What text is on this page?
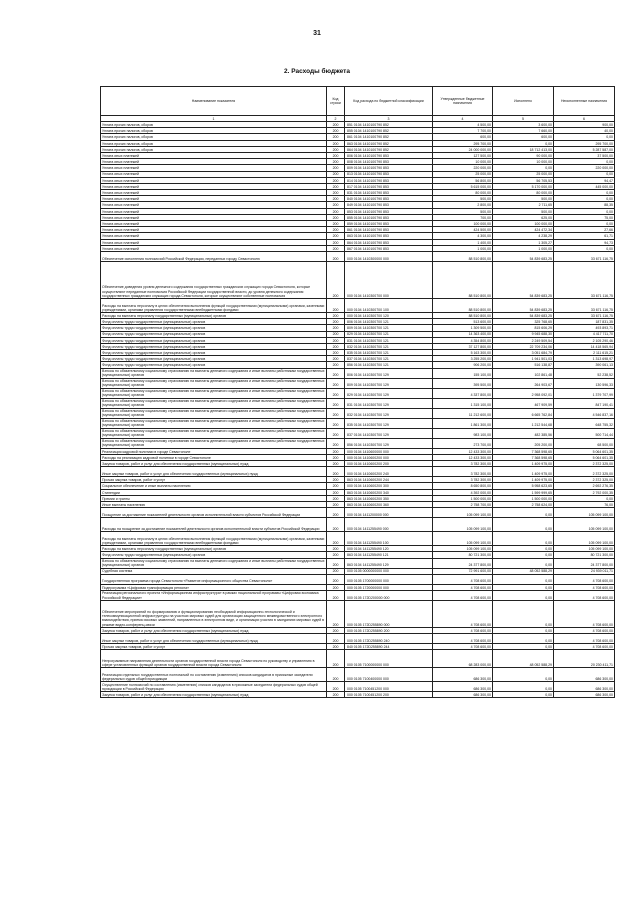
31
2. Расходы бюджета
Наименование показателя	Код строки	Код расхода по бюджетной классификации	Утвержденные бюджетные назначения	Исполнено	Неисполненные назначения
1	2	3	4	5	6
Уплата прочих налогов, сборов	200	851 0104 1410100790 852	4 500,00	3 600,00	900,00
Уплата прочих налогов, сборов	200	855 0104 1410100790 852	7 700,00	7 660,00	40,00
Уплата прочих налогов, сборов	200	861 0104 1410100790 852	600,00	600,00	0,00
Уплата прочих налогов, сборов	200	863 0104 1410100790 852	295 700,00	0,00	295 700,00
Уплата прочих налогов, сборов	200	864 0104 1410100790 852	24 000 000,00	18 712 413,00	5 287 587,00
Уплата иных платежей	200	806 0104 1410100790 853	127 500,00	90 000,00	37 500,00
Уплата иных платежей	200	808 0104 1410100790 853	10 000,00	10 000,00	0,00
Уплата иных платежей	200	809 0104 1410100790 853	220 000,00	0,00	220 000,00
Уплата иных платежей	200	813 0104 1410100790 853	25 000,00	25 000,00	0,00
Уплата иных платежей	200	814 0104 1410100790 853	56 800,00	56 705,53	94,47
Уплата иных платежей	200	817 0104 1410100790 853	5 615 000,00	5 170 000,00	445 000,00
Уплата иных платежей	200	831 0104 1410100790 853	80 000,00	80 000,00	0,00
Уплата иных платежей	200	840 0104 1410100790 853	500,00	500,00	0,00
Уплата иных платежей	200	849 0104 1410100790 853	2 800,00	2 711,65	88,35
Уплата иных платежей	200	853 0104 1410100790 853	500,00	500,00	0,00
Уплата иных платежей	200	855 0104 1410100790 853	700,00	625,00	75,00
Уплата иных платежей	200	859 0104 1410100790 853	100 000,00	100 000,00	0,00
Уплата иных платежей	200	861 0104 1410100790 853	424 500,00	424 472,34	27,66
Уплата иных платежей	200	863 0104 1410100790 853	4 300,00	4 238,29	61,71
Уплата иных платежей	200	864 0104 1410100790 853	1 400,00	1 305,27	94,73
Уплата иных платежей	200	867 0104 1410100790 853	1 000,00	1 000,00	0,00
Обеспечение исполнения полномочий Российской Федерации, переданных городу Севастополю	200	000 0104 1410300000 000	88 510 800,00	54 839 683,25	33 671 116,75
Обеспечение доведения уровня денежного содержания государственных гражданских служащих города Севастополя, которые осуществляют переданные полномочия Российской Федерации государственной власти, до уровня денежного содержания государственных гражданских служащих города Севастополя, которые осуществляют собственные полномочия	200	000 0104 1410300700 000	88 510 800,00	54 839 683,25	33 671 116,75
Расходы на выплаты персоналу в целях обеспечения выполнения функций государственными (муниципальными) органами, казенными учреждениями, органами управления государственными внебюджетными фондами	200	000 0104 1410300700 100	88 510 800,00	54 839 683,25	33 671 116,75
Расходы на выплаты персоналу государственных (муниципальных) органов	200	000 0104 1410300700 120	88 510 800,00	54 839 683,25	33 671 116,75
Фонд оплаты труда государственных (муниципальных) органов	200	806 0104 1410300700 121	513 600,00	325 768,65	187 831,35
Фонд оплаты труда государственных (муниципальных) органов	200	809 0104 1410300700 121	1 309 500,00	815 606,29	493 893,71
Фонд оплаты труда государственных (муниципальных) органов	200	829 0104 1410300700 121	14 363 400,00	9 945 688,30	4 417 711,70
Фонд оплаты труда государственных (муниципальных) органов	200	831 0104 1410300700 121	4 354 800,00	2 249 509,54	2 105 290,46
Фонд оплаты труда государственных (муниципальных) органов	200	832 0104 1410300700 121	37 127 800,00	22 709 234,06	14 418 565,94
Фонд оплаты труда государственных (муниципальных) органов	200	835 0104 1410300700 121	5 163 300,00	3 051 684,79	2 111 615,21
Фонд оплаты труда государственных (муниципальных) органов	200	837 0104 1410300700 121	3 255 200,00	1 941 501,03	1 313 698,97
Фонд оплаты труда государственных (муниципальных) органов	200	856 0104 1410300700 121	906 200,00	516 138,87	390 061,13
Взносы по обязательному социальному страхованию на выплаты денежного содержания и иные выплаты работникам государственных (муниципальных) органов	200	806 0104 1410300700 129	155 100,00	102 861,48	52 238,52
Взносы по обязательному социальному страхованию на выплаты денежного содержания и иные выплаты работникам государственных (муниципальных) органов	200	809 0104 1410300700 129	395 500,00	264 903,67	130 596,33
Взносы по обязательному социальному страхованию на выплаты денежного содержания и иные выплаты работникам государственных (муниципальных) органов	200	829 0104 1410300700 129	4 337 800,00	2 958 092,01	1 379 707,99
Взносы по обязательному социальному страхованию на выплаты денежного содержания и иные выплаты работникам государственных (муниципальных) органов	200	831 0104 1410300700 129	1 315 100,00	467 909,59	847 190,41
Взносы по обязательному социальному страхованию на выплаты денежного содержания и иные выплаты работникам государственных (муниципальных) органов	200	832 0104 1410300700 129	11 212 600,00	6 665 762,84	4 546 837,16
Взносы по обязательному социальному страхованию на выплаты денежного содержания и иные выплаты работникам государственных (муниципальных) органов	200	835 0104 1410300700 129	1 861 300,00	1 212 544,68	648 755,32
Взносы по обязательному социальному страхованию на выплаты денежного содержания и иные выплаты работникам государственных (муниципальных) органов	200	837 0104 1410300700 129	983 100,00	482 385,56	500 714,44
Взносы по обязательному социальному страхованию на выплаты денежного содержания и иные выплаты работникам государственных (муниципальных) органов	200	856 0104 1410300700 129	273 700,00	205 200,00	68 500,00
Реализация кадровой политики в городе Севастополе	200	000 0104 1410600000 000	12 433 300,00	7 368 598,65	5 064 601,35
Расходы на реализацию кадровой политики в городе Севастополе	200	000 0104 1410600200 000	12 433 300,00	7 368 598,65	5 064 601,35
Закупка товаров, работ и услуг для обеспечения государственных (муниципальных) нужд	200	000 0104 1410600200 200	3 782 300,00	1 409 975,00	2 372 325,00
Иные закупки товаров, работ и услуг для обеспечения государственных (муниципальных) нужд	200	000 0104 1410600200 240	3 782 300,00	1 409 975,00	2 372 325,00
Прочая закупка товаров, работ и услуг	200	863 0104 1410600200 244	3 782 300,00	1 409 975,00	2 372 325,00
Социальное обеспечение и иные выплаты населению	200	000 0104 1410600200 300	8 650 800,00	5 958 623,65	2 692 276,35
Стипендии	200	863 0104 1410600200 340	4 392 000,00	1 599 999,65	2 792 000,35
Премии и гранты	200	863 0104 1410600200 350	1 500 000,00	1 500 000,00	0,00
Иные выплаты населению	200	863 0104 1410600200 360	2 758 700,00	2 758 624,00	76,00
Поощрение за достижение показателей деятельности органов исполнительной власти субъектов Российской Федерации	200	000 0104 1411200000 000	105 099 100,00	0,00	105 099 100,00
Расходы на поощрение за достижение показателей деятельности органов исполнительной власти субъектов Российской Федерации	200	000 0104 1411255490 000	105 099 100,00	0,00	105 099 100,00
Расходы на выплаты персоналу в целях обеспечения выполнения функций государственными (муниципальными) органами, казенными учреждениями, органами управления государственными внебюджетными фондами	200	000 0104 1411255490 100	105 099 100,00	0,00	105 099 100,00
Расходы на выплаты персоналу государственных (муниципальных) органов	200	000 0104 1411255490 120	105 099 100,00	0,00	105 099 100,00
Фонд оплаты труда государственных (муниципальных) органов	200	863 0104 1411255490 121	80 721 300,00	0,00	80 721 300,00
Взносы по обязательному социальному страхованию на выплаты денежного содержания и иные выплаты работникам государственных (муниципальных) органов	200	863 0104 1411255490 129	24 377 800,00	0,00	24 377 800,00
Судебная система	200	000 0105 0000000000 000	72 991 600,00	48 052 588,29	24 939 011,71
Государственная программа города Севастополя «Развитие информационного общества Севастополя»	200	000 0105 1700000000 000	4 708 600,00	0,00	4 708 600,00
Подпрограмма «Цифровая трансформация региона»	200	000 0105 1720000000 000	4 708 600,00	0,00	4 708 600,00
Реализация регионального проекта «Информационная инфраструктура» в рамках национальной программы «Цифровая экономика Российской Федерации»	200	000 0105 172D200000 000	4 708 600,00	0,00	4 708 600,00
Обеспечение мероприятий по формированию и функционированию необходимой информационно-технологической и телекоммуникационной инфраструктуры на участках мировых судей для организации защищенного межведомственного электронного взаимодействия, приема исковых заявлений, направленных в электронном виде, и организации участия в заседаниях мировых судей в режиме видео-конференц-связи	200	000 0105 172D255890 000	4 708 600,00	0,00	4 708 600,00
Закупка товаров, работ и услуг для обеспечения государственных (муниципальных) нужд	200	000 0105 172D255890 200	4 708 600,00	0,00	4 708 600,00
Иные закупки товаров, работ и услуг для обеспечения государственных (муниципальных) нужд	200	000 0105 172D255890 240	4 708 600,00	0,00	4 708 600,00
Прочая закупка товаров, работ и услуг	200	840 0105 172D255890 244	4 708 600,00	0,00	4 708 600,00
Непрограммные направления деятельности органов государственной власти города Севастополя по руководству и управлению в сфере установленных функций органов государственной власти города Севастополя	200	000 0105 7100000000 000	68 283 000,00	48 052 588,29	20 230 411,71
Реализация отдельных государственных полномочий по составлению (изменению) списков кандидатов в присяжные заседатели федеральных судов общей юрисдикции	200	000 0105 7100400000 000	686 300,00	0,00	686 300,00
Осуществление полномочий по составлению (изменению) списков кандидатов в присяжные заседатели федеральных судов общей юрисдикции в Российской Федерации	200	000 0105 7100451200 000	686 300,00	0,00	686 300,00
Закупка товаров, работ и услуг для обеспечения государственных (муниципальных) нужд	200	000 0105 7100451200 200	686 300,00	0,00	686 300,00
